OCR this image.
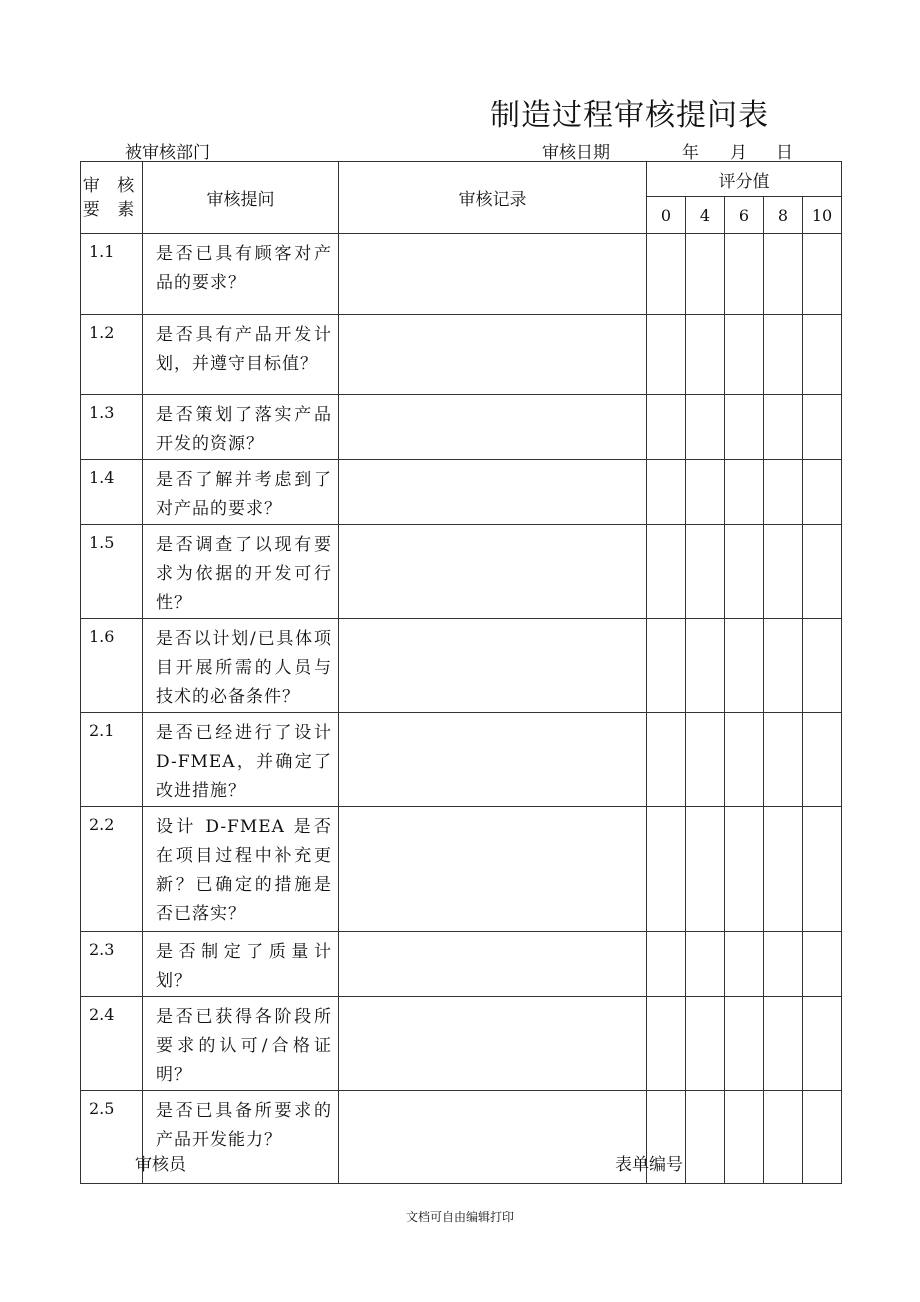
制造过程审核提问表
被审核部门	审核日期	年 月 日
审 核
要 素	审核提问	审核记录	评分值				
			0	4	6	8	10
1.1	是否已具有顾客对产品的要求？						
1.2	是否具有产品开发计划，并遵守目标值？						
1.3	是否策划了落实产品开发的资源？						
1.4	是否了解并考虑到了对产品的要求？						
1.5	是否调查了以现有要求为依据的开发可行性？						
1.6	是否以计划/已具体项目开展所需的人员与技术的必备条件？						
2.1	是否已经进行了设计D-FMEA，并确定了改进措施？						
2.2	设计 D-FMEA 是否在项目过程中补充更新？已确定的措施是否已落实？						
2.3	是否制定了质量计划？						
2.4	是否已获得各阶段所要求的认可/合格证明？						
2.5	是否已具备所要求的产品开发能力？						
审核员	表单编号
文档可自由编辑打印
